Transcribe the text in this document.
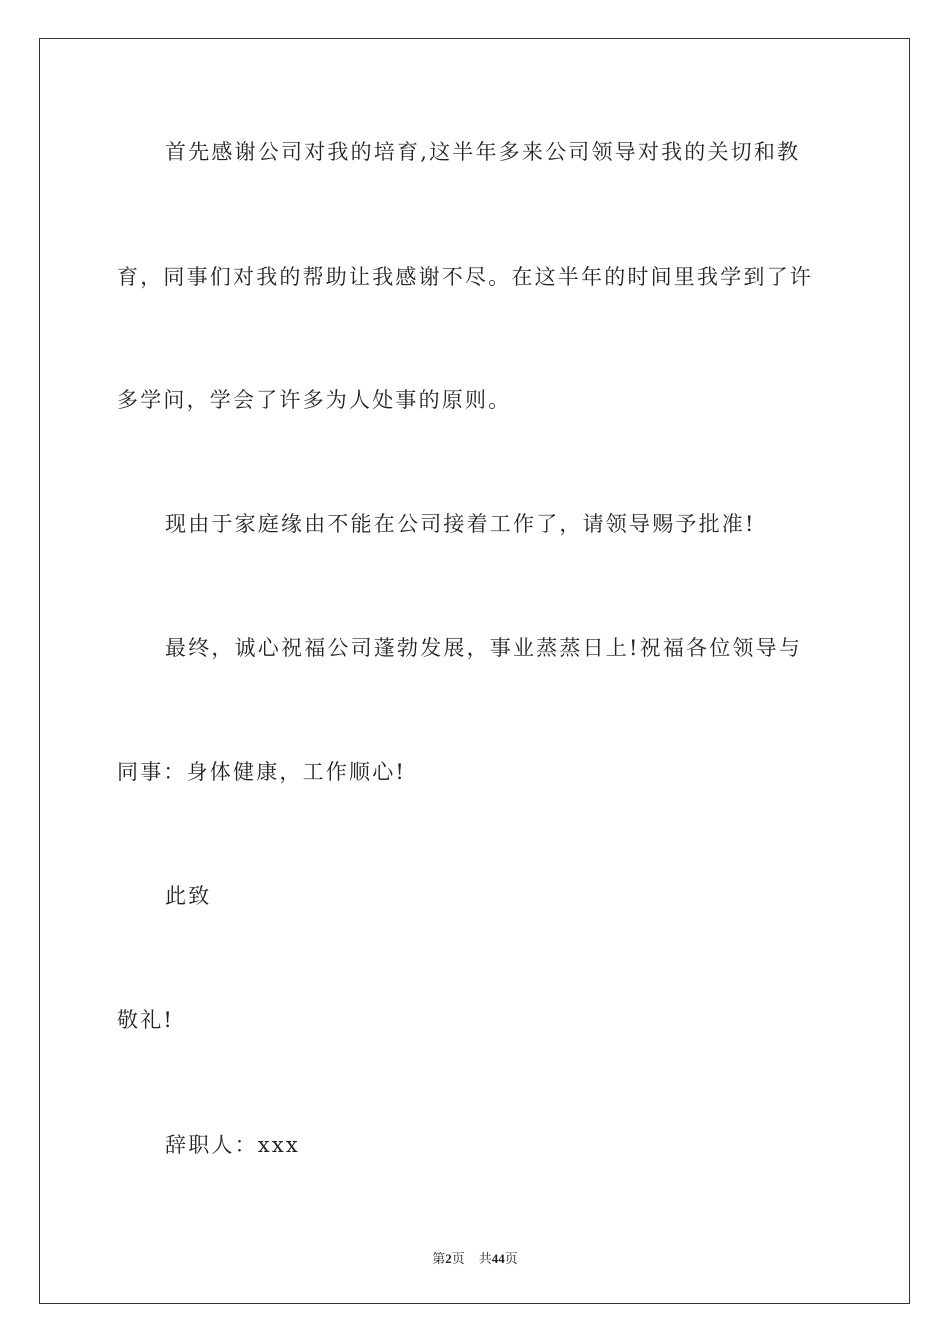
首先感谢公司对我的培育,这半年多来公司领导对我的关切和教
育，同事们对我的帮助让我感谢不尽。在这半年的时间里我学到了许
多学问，学会了许多为人处事的原则。
现由于家庭缘由不能在公司接着工作了，请领导赐予批准!
最终，诚心祝福公司蓬勃发展，事业蒸蒸日上!祝福各位领导与
同事：身体健康，工作顺心!
此致
敬礼!
辞职人：xxx
第2页 共44页
